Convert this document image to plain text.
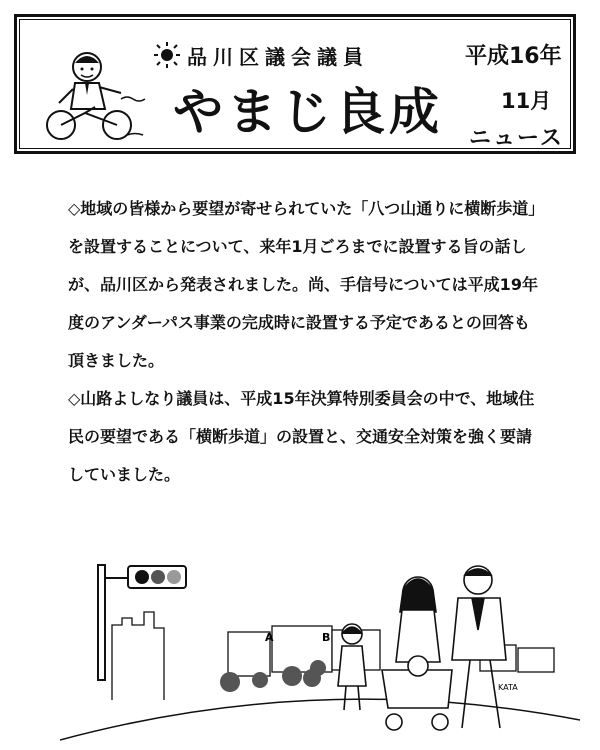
品川区議会議員	平成16年
やまじ良成	11月
ニュース

◇地域の皆様から要望が寄せられていた「八つ山通りに横断歩道」を設置することについて、来年1月ごろまでに設置する旨の話しが、品川区から発表されました。尚、手信号については平成19年度のアンダーパス事業の完成時に設置する予定であるとの回答も頂きました。

◇山路よしなり議員は、平成15年決算特別委員会の中で、地域住民の要望である「横断歩道」の設置と、交通安全対策を強く要請していました。

A	B
KATA
